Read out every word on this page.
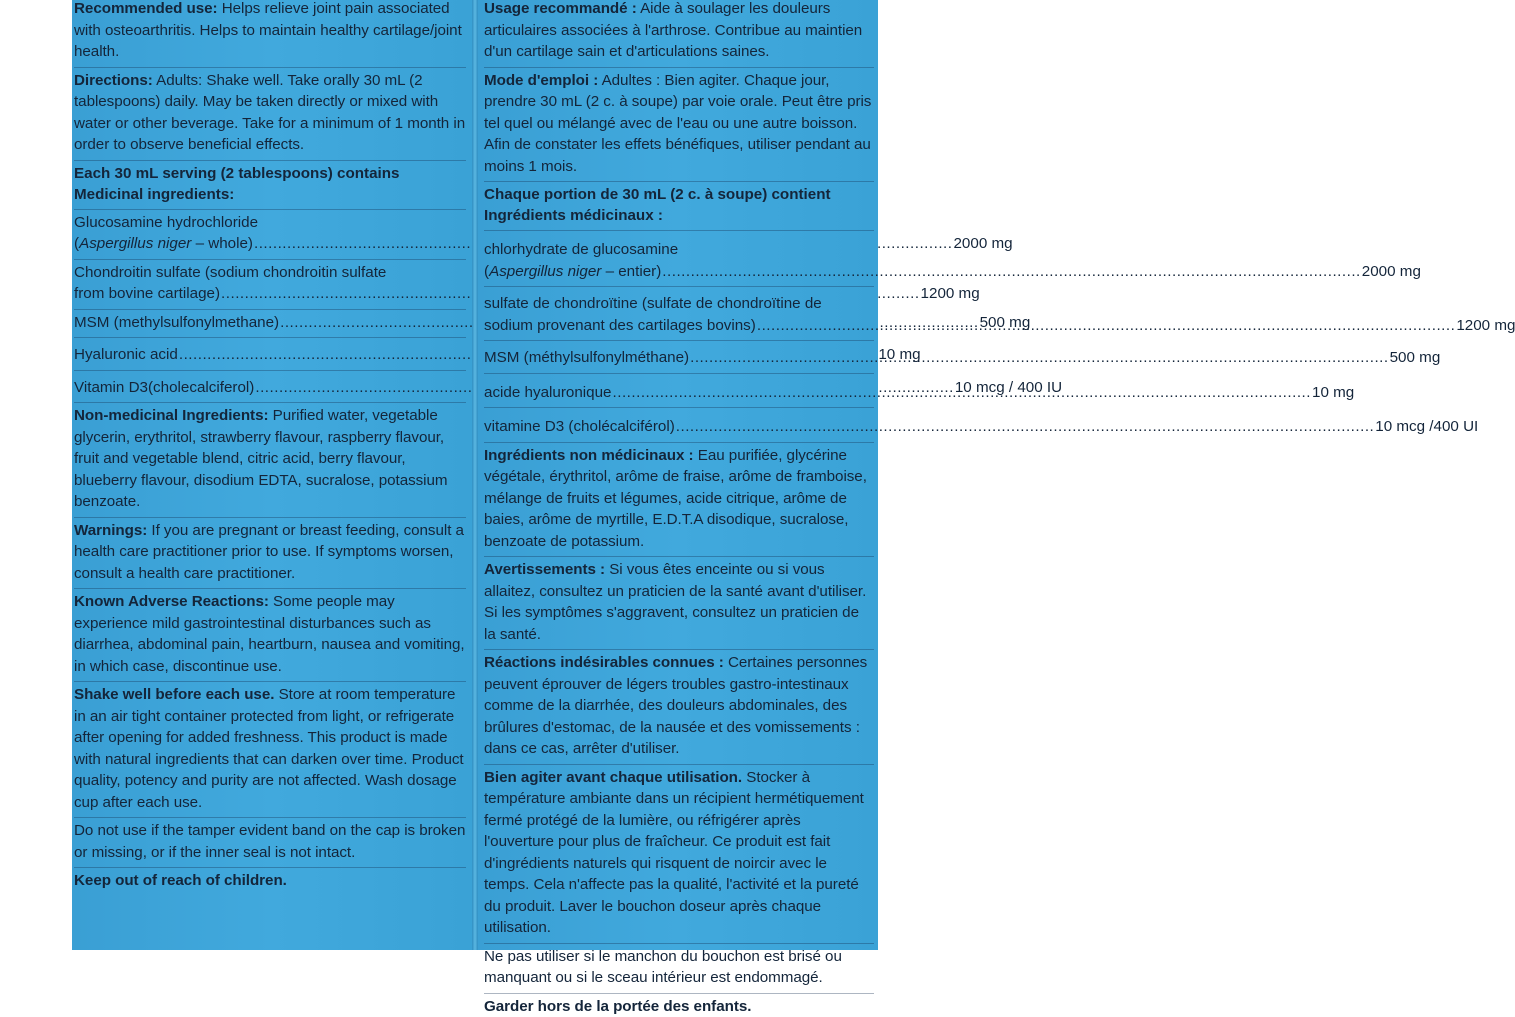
Recommended use: Helps relieve joint pain associated with osteoarthritis. Helps to maintain healthy cartilage/joint health.

Directions: Adults: Shake well. Take orally 30 mL (2 tablespoons) daily. May be taken directly or mixed with water or other beverage. Take for a minimum of 1 month in order to observe beneficial effects.

Each 30 mL serving (2 tablespoons) contains
Medicinal ingredients:
Glucosamine hydrochloride
(Aspergillus niger – whole) .....	2000 mg
Chondroitin sulfate (sodium chondroitin sulfate
from bovine cartilage) .....	1200 mg
MSM (methylsulfonylmethane) .....	500 mg
Hyaluronic acid .....	10 mg
Vitamin D3(cholecalciferol) .....	10 mcg / 400 IU

Non-medicinal Ingredients: Purified water, vegetable glycerin, erythritol, strawberry flavour, raspberry flavour, fruit and vegetable blend, citric acid, berry flavour, blueberry flavour, disodium EDTA, sucralose, potassium benzoate.

Warnings: If you are pregnant or breast feeding, consult a health care practitioner prior to use. If symptoms worsen, consult a health care practitioner.

Known Adverse Reactions: Some people may experience mild gastrointestinal disturbances such as diarrhea, abdominal pain, heartburn, nausea and vomiting, in which case, discontinue use.

Shake well before each use. Store at room temperature in an air tight container protected from light, or refrigerate after opening for added freshness. This product is made with natural ingredients that can darken over time. Product quality, potency and purity are not affected. Wash dosage cup after each use.

Do not use if the tamper evident band on the cap is broken or missing, or if the inner seal is not intact.

Keep out of reach of children.

Usage recommandé : Aide à soulager les douleurs articulaires associées à l'arthrose. Contribue au maintien d'un cartilage sain et d'articulations saines.

Mode d'emploi : Adultes : Bien agiter. Chaque jour, prendre 30 mL (2 c. à soupe) par voie orale. Peut être pris tel quel ou mélangé avec de l'eau ou une autre boisson. Afin de constater les effets bénéfiques, utiliser pendant au moins 1 mois.

Chaque portion de 30 mL (2 c. à soupe) contient
Ingrédients médicinaux :
chlorhydrate de glucosamine
(Aspergillus niger – entier) .....	2000 mg
sulfate de chondroïtine (sulfate de chondroïtine de
sodium provenant des cartilages bovins) .....	1200 mg
MSM (méthylsulfonylméthane) .....	500 mg
acide hyaluronique .....	10 mg
vitamine D3 (cholécalciférol) .....	10 mcg /400 UI

Ingrédients non médicinaux : Eau purifiée, glycérine végétale, érythritol, arôme de fraise, arôme de framboise, mélange de fruits et légumes, acide citrique, arôme de baies, arôme de myrtille, E.D.T.A disodique, sucralose, benzoate de potassium.

Avertissements : Si vous êtes enceinte ou si vous allaitez, consultez un praticien de la santé avant d'utiliser. Si les symptômes s'aggravent, consultez un praticien de la santé.

Réactions indésirables connues : Certaines personnes peuvent éprouver de légers troubles gastro-intestinaux comme de la diarrhée, des douleurs abdominales, des brûlures d'estomac, de la nausée et des vomissements : dans ce cas, arrêter d'utiliser.

Bien agiter avant chaque utilisation. Stocker à température ambiante dans un récipient hermétiquement fermé protégé de la lumière, ou réfrigérer après l'ouverture pour plus de fraîcheur. Ce produit est fait d'ingrédients naturels qui risquent de noircir avec le temps. Cela n'affecte pas la qualité, l'activité et la pureté du produit. Laver le bouchon doseur après chaque utilisation.

Ne pas utiliser si le manchon du bouchon est brisé ou manquant ou si le sceau intérieur est endommagé.

Garder hors de la portée des enfants.
